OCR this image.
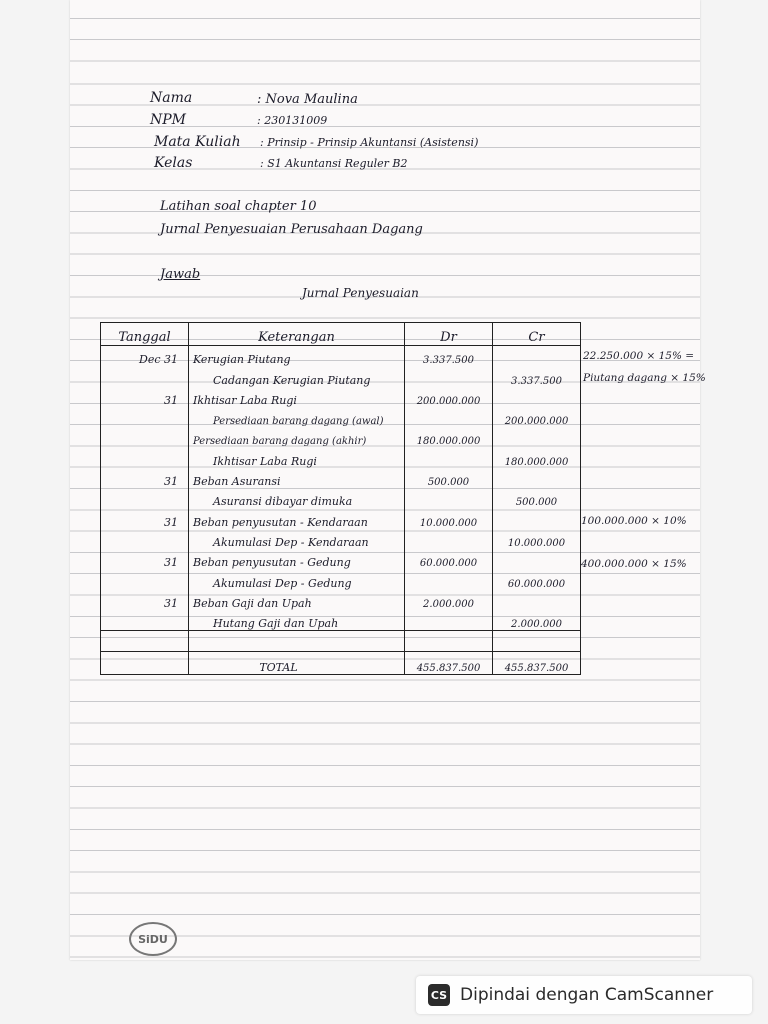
Nama	: Nova Maulina
NPM	: 230131009
Mata Kuliah : Prinsip - Prinsip Akuntansi (Asistensi)
Kelas	: S1 Akuntansi Reguler B2
Latihan soal chapter 10
Jurnal Penyesuaian Perusahaan Dagang
Jawab
Jurnal Penyesuaian
Tanggal	Keterangan	Dr	Cr
Dec 31	Kerugian Piutang	3.337.500	
	Cadangan Kerugian Piutang		3.337.500
31	Ikhtisar Laba Rugi	200.000.000	
	Persediaan barang dagang (awal)		200.000.000
	Persediaan barang dagang (akhir)	180.000.000	
	Ikhtisar Laba Rugi		180.000.000
31	Beban Asuransi	500.000	
	Asuransi dibayar dimuka		500.000
31	Beban penyusutan - Kendaraan	10.000.000	
	Akumulasi Dep - Kendaraan		10.000.000
31	Beban penyusutan - Gedung	60.000.000	
	Akumulasi Dep - Gedung		60.000.000
31	Beban Gaji dan Upah	2.000.000	
	Hutang Gaji dan Upah		2.000.000

	TOTAL	455.837.500	455.837.500
22.250.000 × 15% =
Piutang dagang × 15%
100.000.000 × 10%
400.000.000 × 15%
SiDU
CS Dipindai dengan CamScanner
